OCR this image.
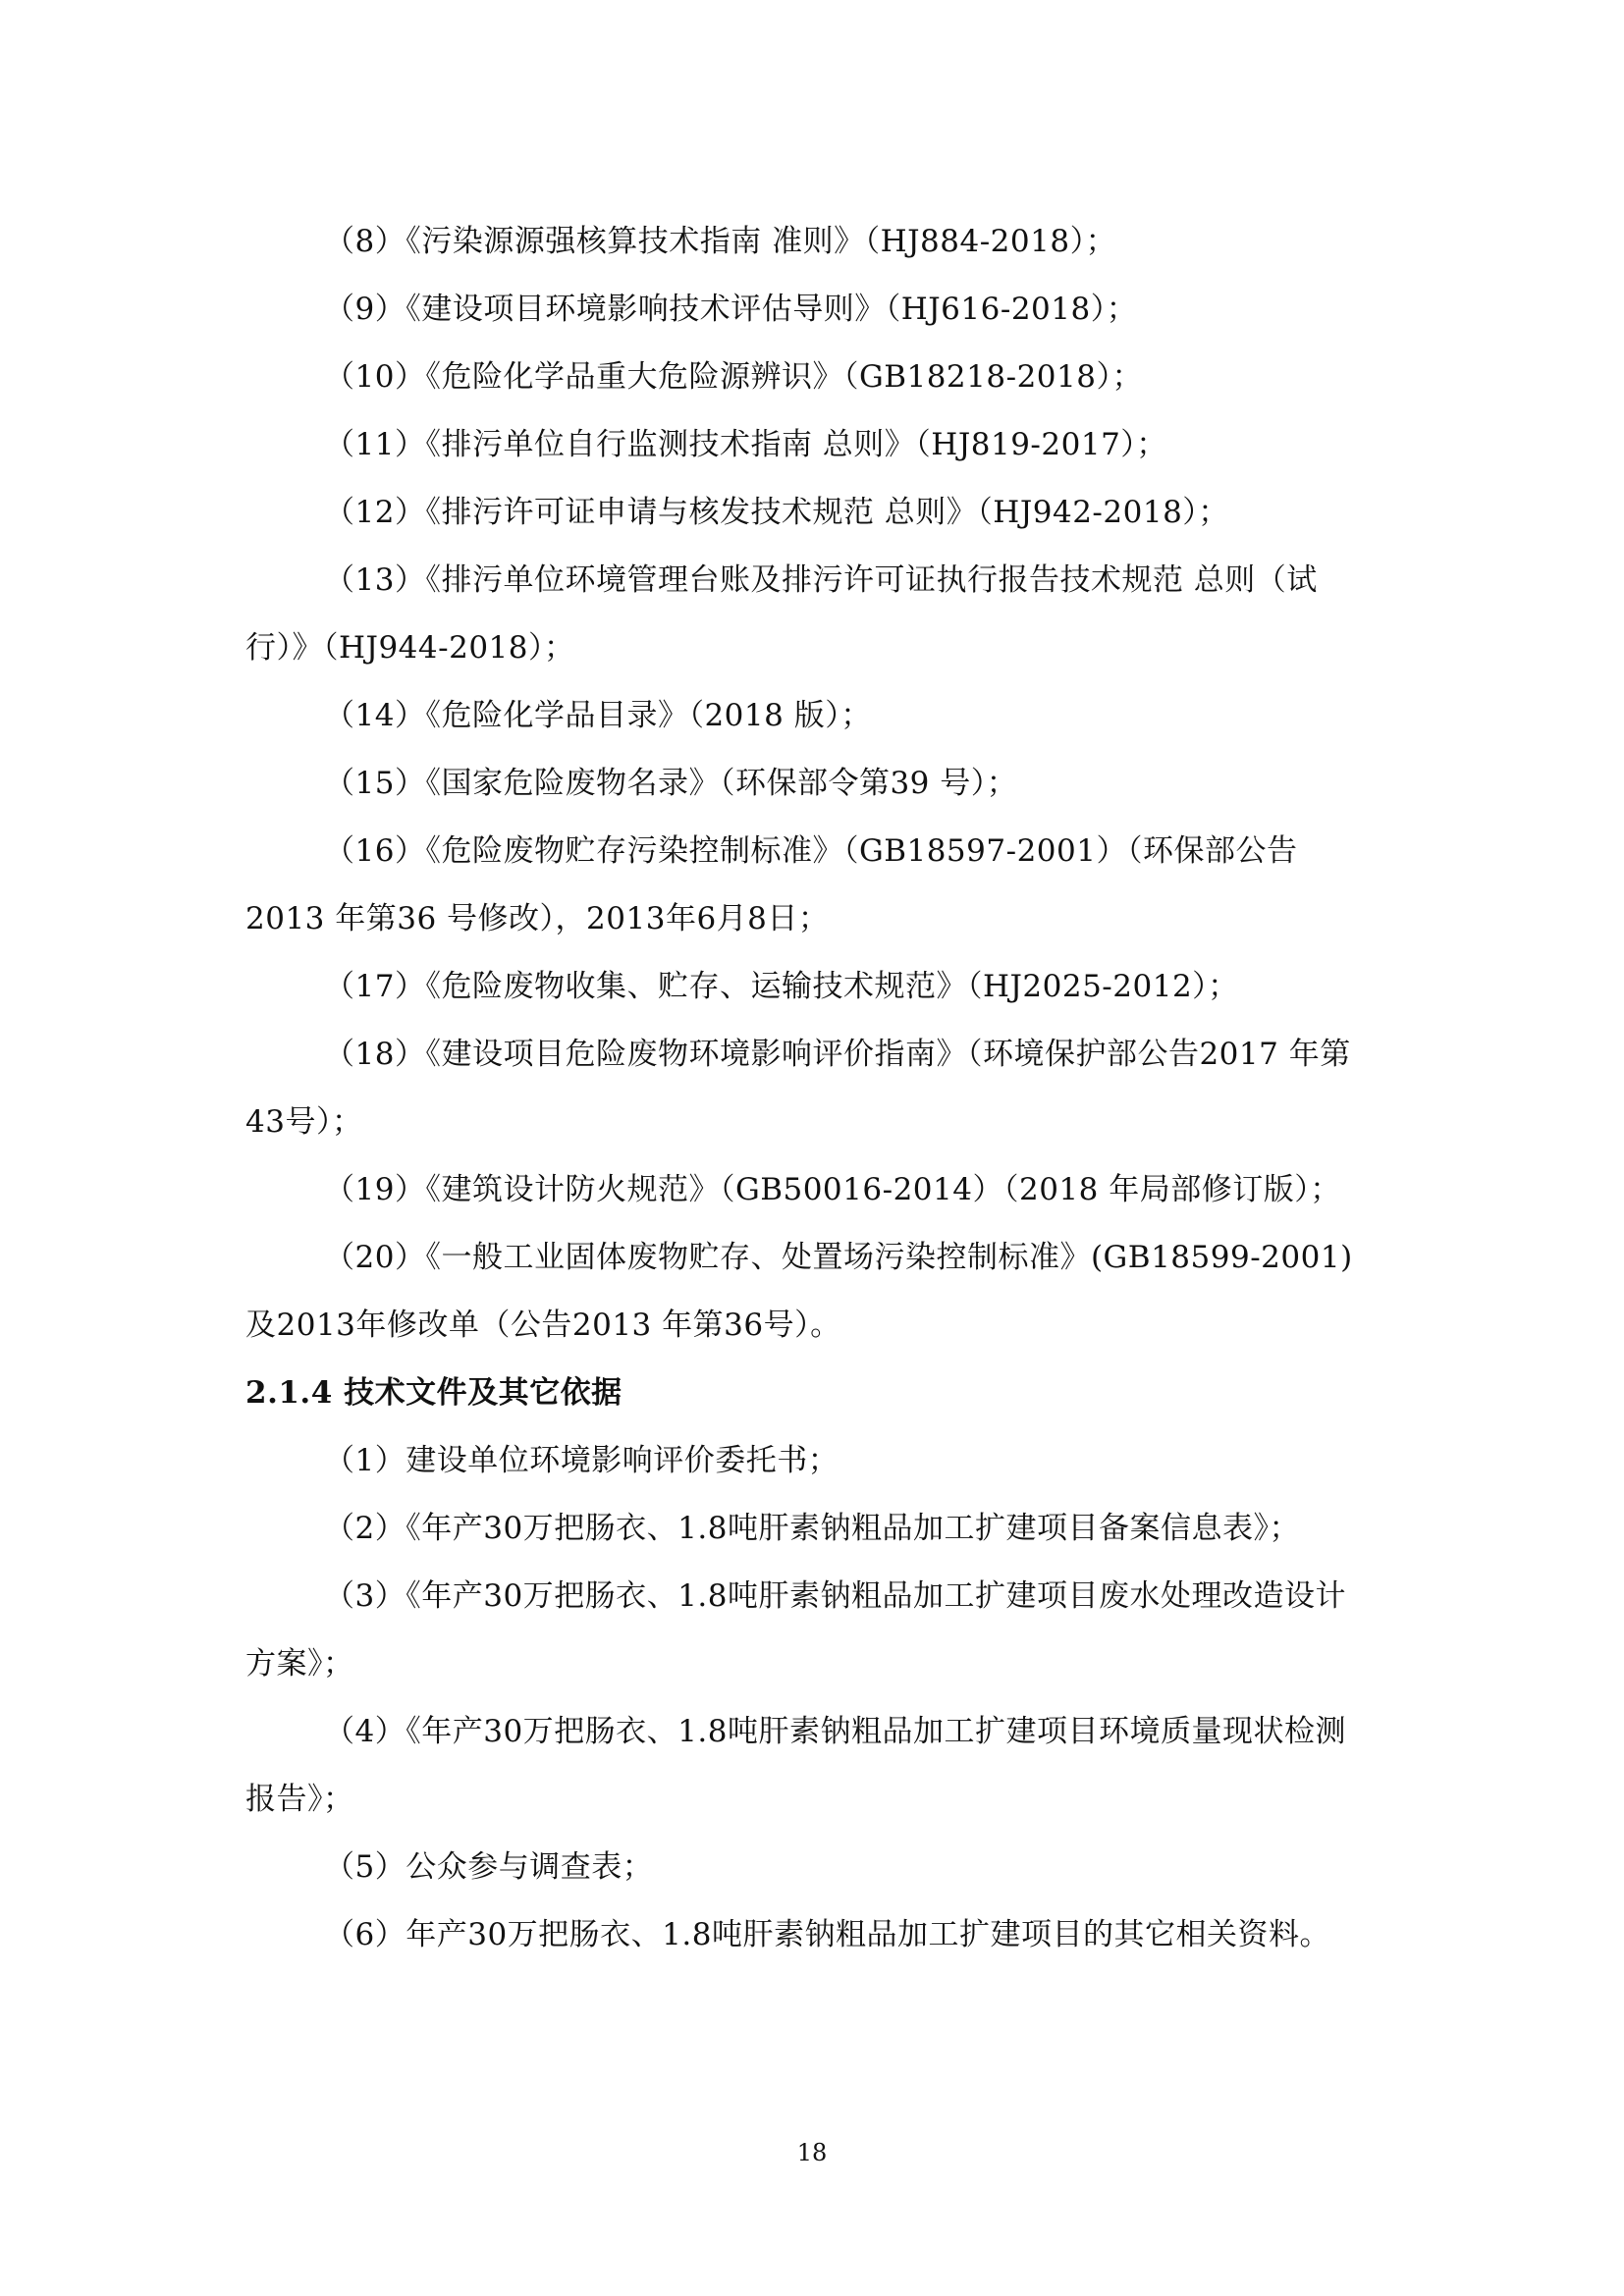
（8）《污染源源强核算技术指南 准则》（HJ884-2018）；

（9）《建设项目环境影响技术评估导则》（HJ616-2018）；

（10）《危险化学品重大危险源辨识》（GB18218-2018）；

（11）《排污单位自行监测技术指南 总则》（HJ819-2017）；

（12）《排污许可证申请与核发技术规范 总则》（HJ942-2018）；

（13）《排污单位环境管理台账及排污许可证执行报告技术规范 总则（试行）》（HJ944-2018）；

（14）《危险化学品目录》（2018 版）；

（15）《国家危险废物名录》（环保部令第39 号）；

（16）《危险废物贮存污染控制标准》（GB18597-2001）（环保部公告 2013 年第36 号修改），2013年6月8日；

（17）《危险废物收集、贮存、运输技术规范》（HJ2025-2012）；

（18）《建设项目危险废物环境影响评价指南》（环境保护部公告2017 年第43号）；

（19）《建筑设计防火规范》（GB50016-2014）（2018 年局部修订版）；

（20）《一般工业固体废物贮存、处置场污染控制标准》(GB18599-2001)及2013年修改单（公告2013 年第36号）。

2.1.4 技术文件及其它依据

（1）建设单位环境影响评价委托书；

（2）《年产30万把肠衣、1.8吨肝素钠粗品加工扩建项目备案信息表》；

（3）《年产30万把肠衣、1.8吨肝素钠粗品加工扩建项目废水处理改造设计方案》；

（4）《年产30万把肠衣、1.8吨肝素钠粗品加工扩建项目环境质量现状检测报告》；

（5）公众参与调查表；

（6）年产30万把肠衣、1.8吨肝素钠粗品加工扩建项目的其它相关资料。

18
